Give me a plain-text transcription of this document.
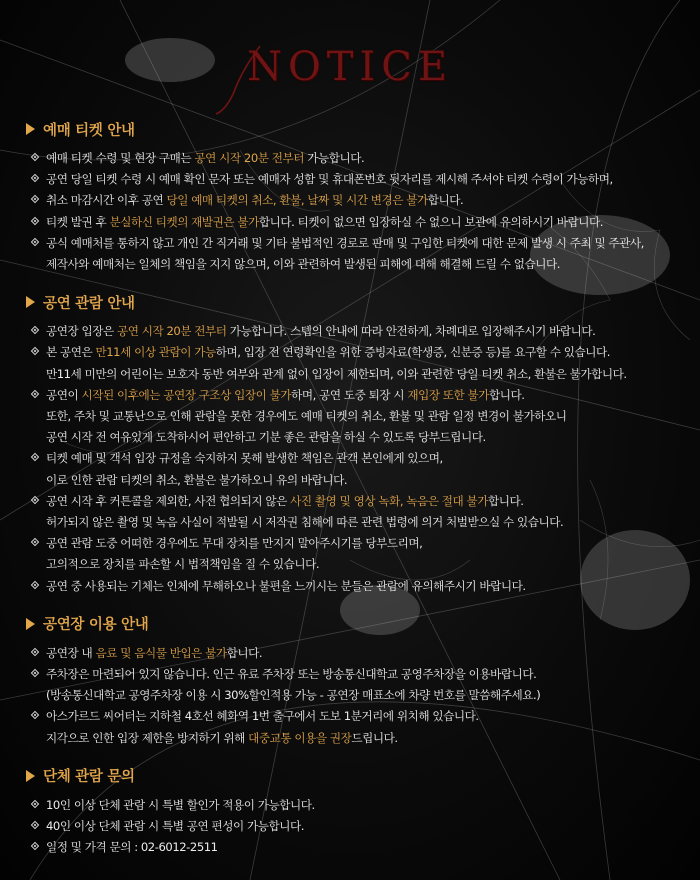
NOTICE
예매 티켓 안내
예매 티켓 수령 및 현장 구매는 공연 시작 20분 전부터 가능합니다.
공연 당일 티켓 수령 시 예매 확인 문자 또는 예매자 성함 및 휴대폰번호 뒷자리를 제시해 주셔야 티켓 수령이 가능하며,
취소 마감시간 이후 공연 당일 예매 티켓의 취소, 환불, 날짜 및 시간 변경은 불가합니다.
티켓 발권 후 분실하신 티켓의 재발권은 불가합니다. 티켓이 없으면 입장하실 수 없으니 보관에 유의하시기 바랍니다.
공식 예매처를 통하지 않고 개인 간 직거래 및 기타 불법적인 경로로 판매 및 구입한 티켓에 대한 문제 발생 시 주최 및 주관사,
제작사와 예매처는 일체의 책임을 지지 않으며, 이와 관련하여 발생된 피해에 대해 해결해 드릴 수 없습니다.
공연 관람 안내
공연장 입장은 공연 시작 20분 전부터 가능합니다. 스텝의 안내에 따라 안전하게, 차례대로 입장해주시기 바랍니다.
본 공연은 만11세 이상 관람이 가능하며, 입장 전 연령확인을 위한 증빙자료(학생증, 신분증 등)를 요구할 수 있습니다.
만11세 미만의 어린이는 보호자 동반 여부와 관계 없이 입장이 제한되며, 이와 관련한 당일 티켓 취소, 환불은 불가합니다.
공연이 시작된 이후에는 공연장 구조상 입장이 불가하며, 공연 도중 퇴장 시 재입장 또한 불가합니다.
또한, 주차 및 교통난으로 인해 관람을 못한 경우에도 예매 티켓의 취소, 환불 및 관람 일정 변경이 불가하오니
공연 시작 전 여유있게 도착하시어 편안하고 기분 좋은 관람을 하실 수 있도록 당부드립니다.
티켓 예매 및 객석 입장 규정을 숙지하지 못해 발생한 책임은 관객 본인에게 있으며,
이로 인한 관람 티켓의 취소, 환불은 불가하오니 유의 바랍니다.
공연 시작 후 커튼콜을 제외한, 사전 협의되지 않은 사진 촬영 및 영상 녹화, 녹음은 절대 불가합니다.
허가되지 않은 촬영 및 녹음 사실이 적발될 시 저작권 침해에 따른 관련 법령에 의거 처벌받으실 수 있습니다.
공연 관람 도중 어떠한 경우에도 무대 장치를 만지지 말아주시기를 당부드리며,
고의적으로 장치를 파손할 시 법적책임을 질 수 있습니다.
공연 중 사용되는 기체는 인체에 무해하오나 불편을 느끼시는 분들은 관람에 유의해주시기 바랍니다.
공연장 이용 안내
공연장 내 음료 및 음식물 반입은 불가합니다.
주차장은 마련되어 있지 않습니다. 인근 유료 주차장 또는 방송통신대학교 공영주차장을 이용바랍니다.
(방송통신대학교 공영주차장 이용 시 30%할인적용 가능 - 공연장 매표소에 차량 번호를 말씀해주세요.)
아스가르드 씨어터는 지하철 4호선 혜화역 1번 출구에서 도보 1분거리에 위치해 있습니다.
지각으로 인한 입장 제한을 방지하기 위해 대중교통 이용을 권장드립니다.
단체 관람 문의
10인 이상 단체 관람 시 특별 할인가 적용이 가능합니다.
40인 이상 단체 관람 시 특별 공연 편성이 가능합니다.
일정 및 가격 문의 : 02-6012-2511
